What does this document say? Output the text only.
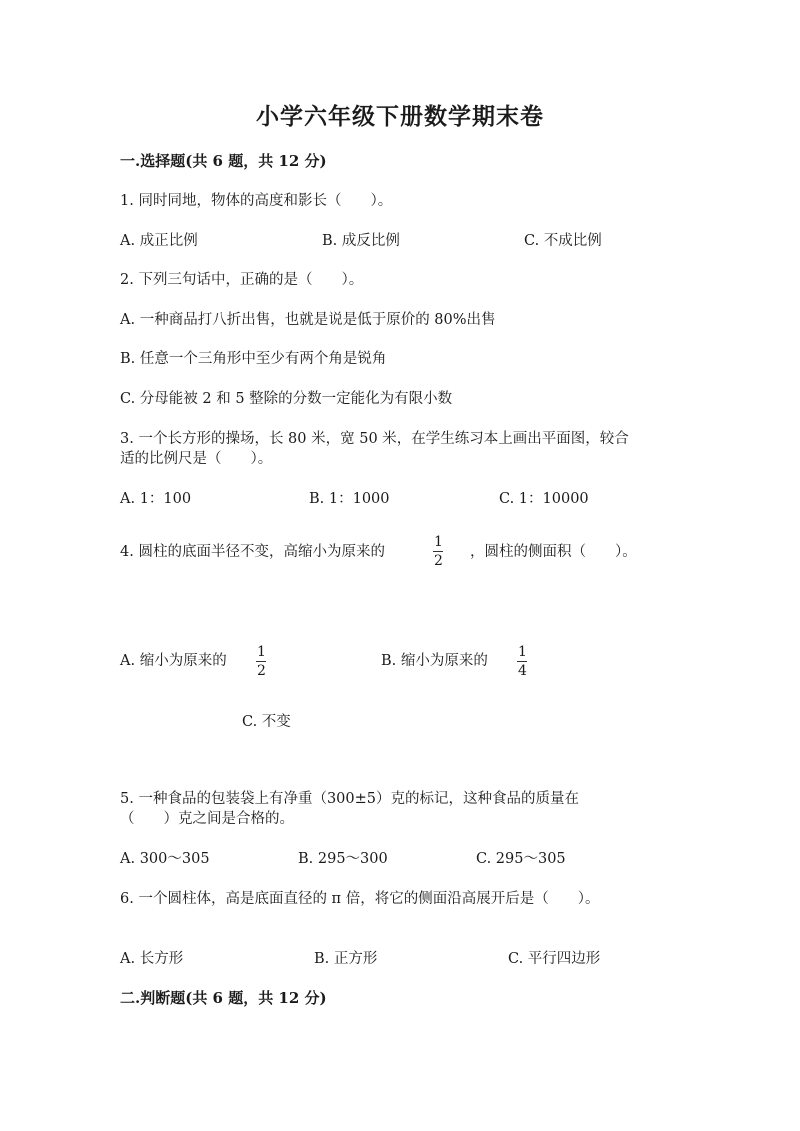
小学六年级下册数学期末卷
一.选择题(共 6 题，共 12 分)
1. 同时同地，物体的高度和影长（　　）。
A. 成正比例	B. 成反比例	C. 不成比例
2. 下列三句话中，正确的是（　　）。
A. 一种商品打八折出售，也就是说是低于原价的 80%出售
B. 任意一个三角形中至少有两个角是锐角
C. 分母能被 2 和 5 整除的分数一定能化为有限小数
3. 一个长方形的操场，长 80 米，宽 50 米，在学生练习本上画出平面图，较合
适的比例尺是（　　）。
A. 1：100	B. 1：1000	C. 1：10000
4. 圆柱的底面半径不变，高缩小为原来的
1
2
，圆柱的侧面积（　　）。
A. 缩小为原来的
1
2
B. 缩小为原来的
1
4
C. 不变
5. 一种食品的包装袋上有净重（300±5）克的标记，这种食品的质量在
（　　）克之间是合格的。
A. 300～305	B. 295～300	C. 295～305
6. 一个圆柱体，高是底面直径的 π 倍，将它的侧面沿高展开后是（　　）。
A. 长方形	B. 正方形	C. 平行四边形
二.判断题(共 6 题，共 12 分)
